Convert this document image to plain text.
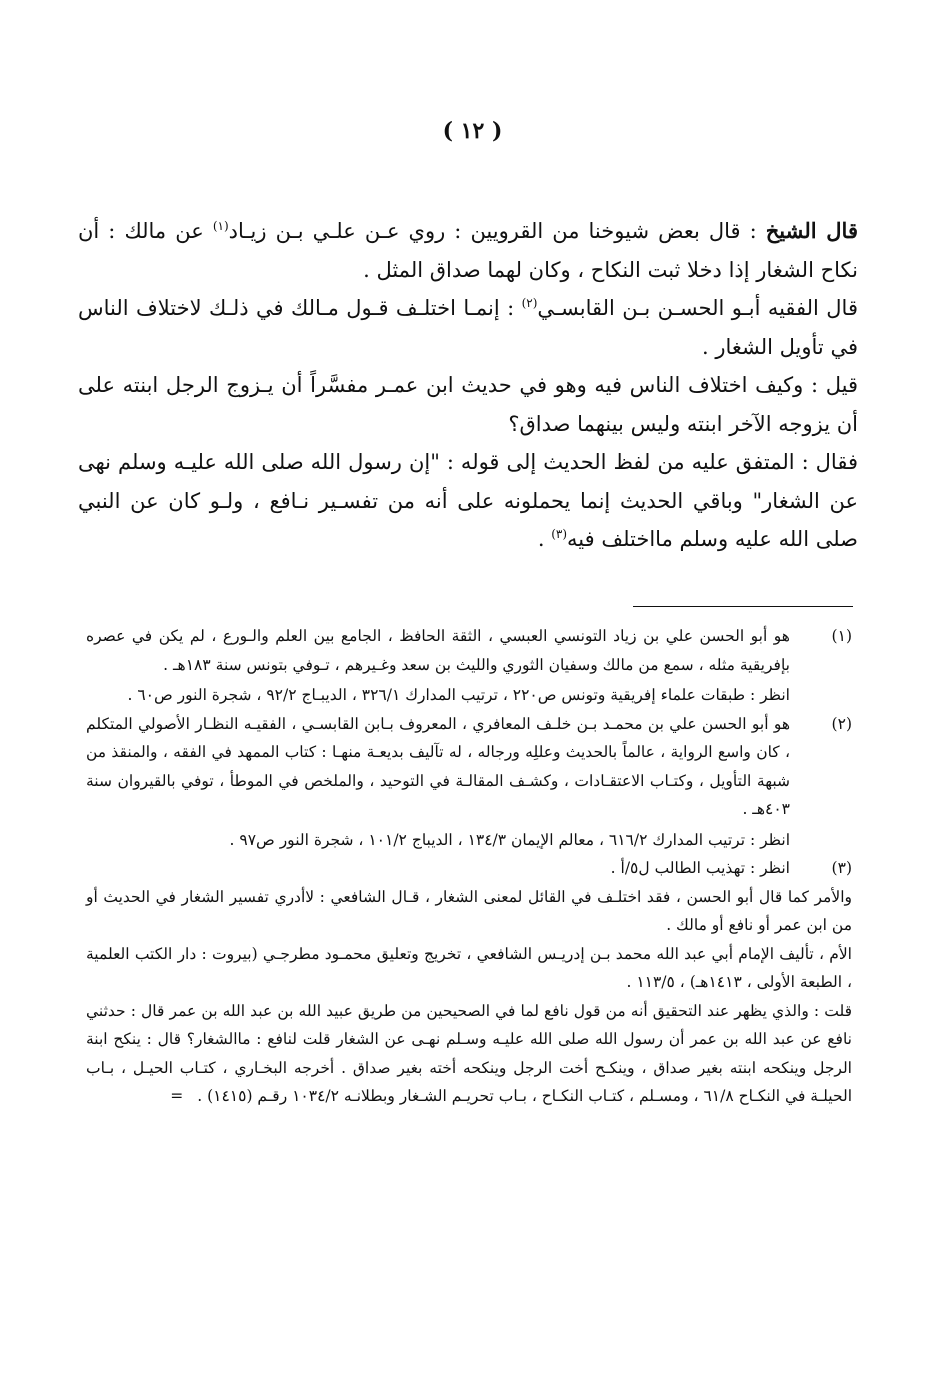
( ١٢ )

قال الشيخ : قال بعض شيوخنا من القرويين : روي عـن علـي بـن زيـاد$^{(١)}$ عن مالك : أن نكاح الشغار إذا دخلا ثبت النكاح ، وكان لهما صداق المثل .

قال الفقيه أبـو الحسـن بـن القابسـي$^{(٢)}$ : إنمـا اختلـف قـول مـالك في ذلـك لاختلاف الناس في تأويل الشغار .

قيل : وكيف اختلاف الناس فيه وهو في حديث ابن عمـر مفسَّراً أن يـزوج الرجل ابنته على أن يزوجه الآخر ابنته وليس بينهما صداق؟

فقال : المتفق عليه من لفظ الحديث إلى قوله : "إن رسول الله صلى الله عليـه وسلم نهى عن الشغار" وباقي الحديث إنما يحملونه على أنه من تفسـير نـافع ، ولـو كان عن النبي صلى الله عليه وسلم مااختلف فيه$^{(٣)}$ .

(١)

هو أبو الحسن علي بن زياد التونسي العبسي ، الثقة الحافظ ، الجامع بين العلم والـورع ، لم يكن في عصره بإفريقية مثله ، سمع من مالك وسفيان الثوري والليث بن سعد وغـيرهم ، تـوفي بتونس سنة ١٨٣هـ .

انظر : طبقات علماء إفريقية وتونس ص٢٢٠ ، ترتيب المدارك ٣٢٦/١ ، الديبـاج ٩٢/٢ ، شجرة النور ص٦٠ .

(٢)

هو أبو الحسن علي بن محمـد بـن خلـف المعافري ، المعروف بـابن القابسـي ، الفقيـه النظـار الأصولي المتكلم ، كان واسع الرواية ، عالماً بالحديث وعللِه ورجاله ، له تآليف بديعـة منهـا : كتاب الممهد في الفقه ، والمنقذ من شبهة التأويل ، وكتـاب الاعتقـادات ، وكشـف المقالـة في التوحيد ، والملخص في الموطأ ، توفي بالقيروان سنة ٤٠٣هـ .

انظر : ترتيب المدارك ٦١٦/٢ ، معالم الإيمان ١٣٤/٣ ، الديباج ١٠١/٢ ، شجرة النور ص٩٧ .

(٣)

انظر : تهذيب الطالب ل٥/أ .

والأمر كما قال أبو الحسن ، فقد اختلـف في القائل لمعنى الشغار ، قـال الشافعي : لاأدري تفسير الشغار في الحديث أو من ابن عمر أو نافع أو مالك .

الأم ، تأليف الإمام أبي عبد الله محمد بـن إدريـس الشافعي ، تخريج وتعليق محمـود مطرجـي (بيروت : دار الكتب العلمية ، الطبعة الأولى ، ١٤١٣هـ) ، ١١٣/٥ .

قلت : والذي يظهر عند التحقيق أنه من قول نافع لما في الصحيحين من طريق عبيد الله بن عبد الله بن عمر قال : حدثني نافع عن عبد الله بن عمر أن رسول الله صلى الله عليـه وسـلم نهـى عن الشغار قلت لنافع : ماالشغار؟ قال : ينكح ابنة الرجل وينكحه ابنته بغير صداق ، وينكـح أخت الرجل وينكحه أخته بغير صداق . أخرجه البخـاري ، كتـاب الحيـل ، بـاب الحيلـة في النكـاح ٦١/٨ ، ومسـلم ، كتـاب النكـاح ، بـاب تحريـم الشـغار وبطلانـه ١٠٣٤/٢ رقـم (١٤١٥) .=
